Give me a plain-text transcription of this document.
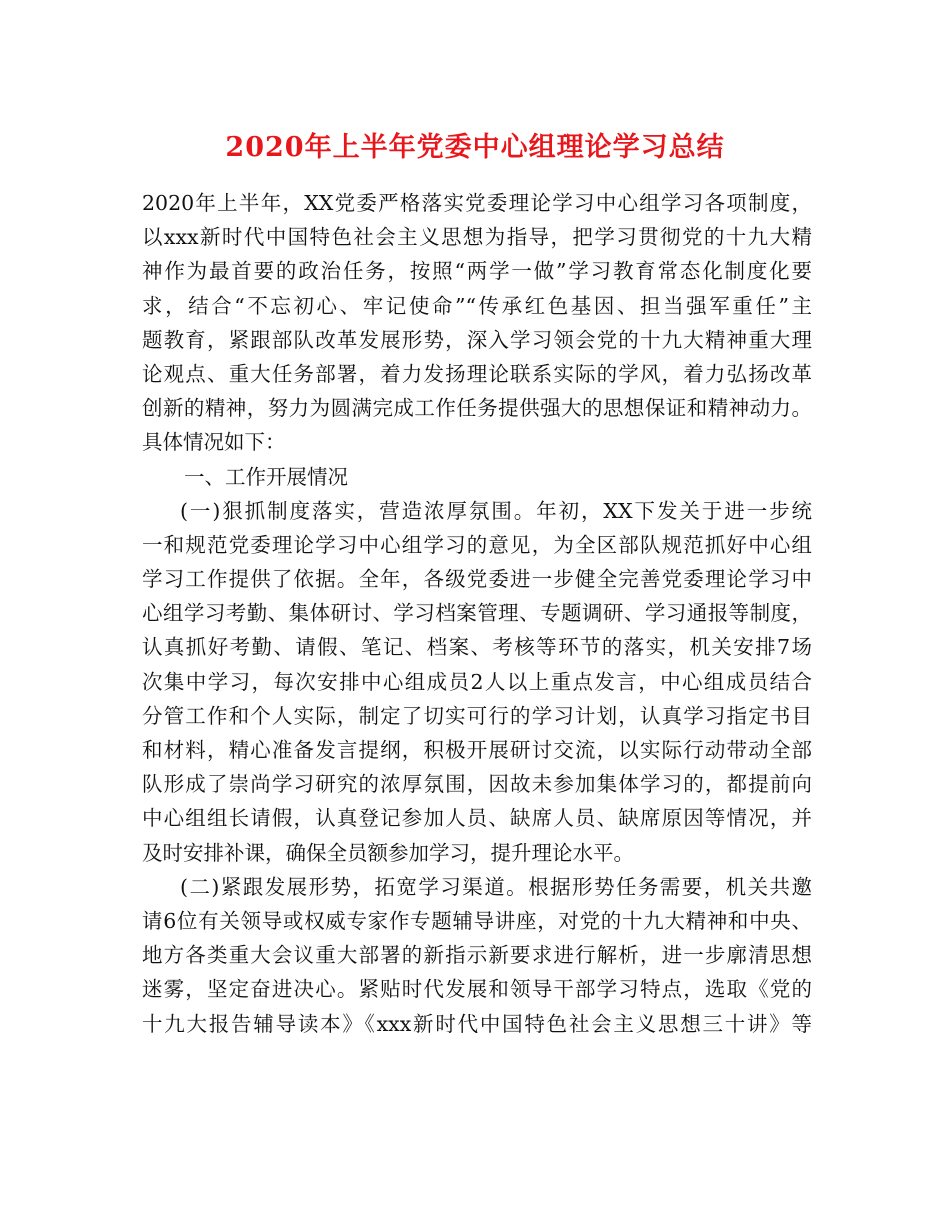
2020年上半年党委中心组理论学习总结
2020年上半年，XX党委严格落实党委理论学习中心组学习各项制度，
以xxx新时代中国特色社会主义思想为指导，把学习贯彻党的十九大精
神作为最首要的政治任务，按照“两学一做”学习教育常态化制度化要
求，结合“不忘初心、牢记使命”“传承红色基因、担当强军重任”主
题教育，紧跟部队改革发展形势，深入学习领会党的十九大精神重大理
论观点、重大任务部署，着力发扬理论联系实际的学风，着力弘扬改革
创新的精神，努力为圆满完成工作任务提供强大的思想保证和精神动力。
具体情况如下：
一、工作开展情况
(一)狠抓制度落实，营造浓厚氛围。年初，XX下发关于进一步统
一和规范党委理论学习中心组学习的意见，为全区部队规范抓好中心组
学习工作提供了依据。全年，各级党委进一步健全完善党委理论学习中
心组学习考勤、集体研讨、学习档案管理、专题调研、学习通报等制度，
认真抓好考勤、请假、笔记、档案、考核等环节的落实，机关安排7场
次集中学习，每次安排中心组成员2人以上重点发言，中心组成员结合
分管工作和个人实际，制定了切实可行的学习计划，认真学习指定书目
和材料，精心准备发言提纲，积极开展研讨交流，以实际行动带动全部
队形成了崇尚学习研究的浓厚氛围，因故未参加集体学习的，都提前向
中心组组长请假，认真登记参加人员、缺席人员、缺席原因等情况，并
及时安排补课，确保全员额参加学习，提升理论水平。
(二)紧跟发展形势，拓宽学习渠道。根据形势任务需要，机关共邀
请6位有关领导或权威专家作专题辅导讲座，对党的十九大精神和中央、
地方各类重大会议重大部署的新指示新要求进行解析，进一步廓清思想
迷雾，坚定奋进决心。紧贴时代发展和领导干部学习特点，选取《党的
十九大报告辅导读本》《xxx新时代中国特色社会主义思想三十讲》等
